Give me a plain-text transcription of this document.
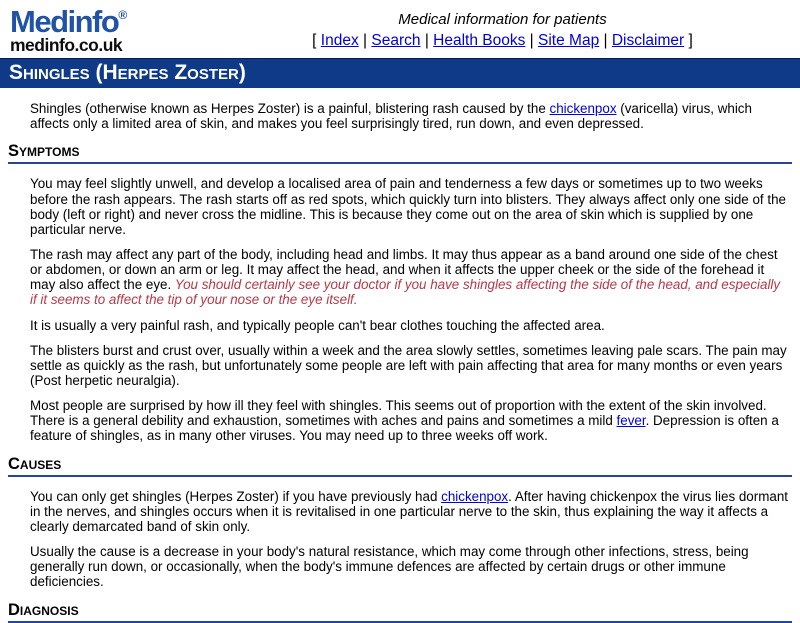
Medinfo®
medinfo.co.uk
Medical information for patients
[ Index | Search | Health Books | Site Map | Disclaimer ]
Shingles (Herpes Zoster)

Shingles (otherwise known as Herpes Zoster) is a painful, blistering rash caused by the chickenpox (varicella) virus, which affects only a limited area of skin, and makes you feel surprisingly tired, run down, and even depressed.

Symptoms

You may feel slightly unwell, and develop a localised area of pain and tenderness a few days or sometimes up to two weeks before the rash appears. The rash starts off as red spots, which quickly turn into blisters. They always affect only one side of the body (left or right) and never cross the midline. This is because they come out on the area of skin which is supplied by one particular nerve.

The rash may affect any part of the body, including head and limbs. It may thus appear as a band around one side of the chest or abdomen, or down an arm or leg. It may affect the head, and when it affects the upper cheek or the side of the forehead it may also affect the eye. You should certainly see your doctor if you have shingles affecting the side of the head, and especially if it seems to affect the tip of your nose or the eye itself.

It is usually a very painful rash, and typically people can't bear clothes touching the affected area.

The blisters burst and crust over, usually within a week and the area slowly settles, sometimes leaving pale scars. The pain may settle as quickly as the rash, but unfortunately some people are left with pain affecting that area for many months or even years (Post herpetic neuralgia).

Most people are surprised by how ill they feel with shingles. This seems out of proportion with the extent of the skin involved. There is a general debility and exhaustion, sometimes with aches and pains and sometimes a mild fever. Depression is often a feature of shingles, as in many other viruses. You may need up to three weeks off work.

Causes

You can only get shingles (Herpes Zoster) if you have previously had chickenpox. After having chickenpox the virus lies dormant in the nerves, and shingles occurs when it is revitalised in one particular nerve to the skin, thus explaining the way it affects a clearly demarcated band of skin only.

Usually the cause is a decrease in your body's natural resistance, which may come through other infections, stress, being generally run down, or occasionally, when the body's immune defences are affected by certain drugs or other immune deficiencies.

Diagnosis
